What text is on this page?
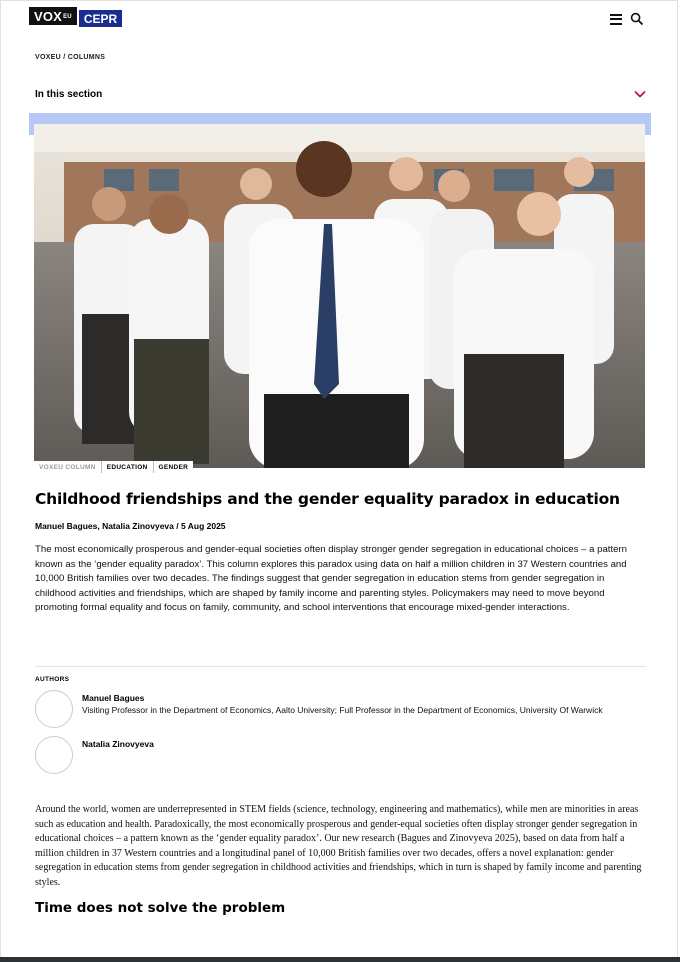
$VOX^{EU}$	CEPR
VOXEU / COLUMNS
In this section
VOXEU COLUMN	EDUCATION	GENDER
Childhood friendships and the gender equality paradox in education
Manuel Bagues, Natalia Zinovyeva / 5 Aug 2025

The most economically prosperous and gender-equal societies often display stronger gender segregation in educational choices – a pattern known as the ‘gender equality paradox’. This column explores this paradox using data on half a million children in 37 Western countries and 10,000 British families over two decades. The findings suggest that gender segregation in education stems from gender segregation in childhood activities and friendships, which are shaped by family income and parenting styles. Policymakers may need to move beyond promoting formal equality and focus on family, community, and school interventions that encourage mixed-gender interactions.

AUTHORS
Manuel Bagues
Visiting Professor in the Department of Economics, Aalto University; Full Professor in the Department of Economics, University Of Warwick
Natalia Zinovyeva

Around the world, women are underrepresented in STEM fields (science, technology, engineering and mathematics), while men are minorities in areas such as education and health. Paradoxically, the most economically prosperous and gender-equal societies often display stronger gender segregation in educational choices – a pattern known as the ‘gender equality paradox’. Our new research (Bagues and Zinovyeva 2025), based on data from half a million children in 37 Western countries and a longitudinal panel of 10,000 British families over two decades, offers a novel explanation: gender segregation in education stems from gender segregation in childhood activities and friendships, which in turn is shaped by family income and parenting styles.

Time does not solve the problem
